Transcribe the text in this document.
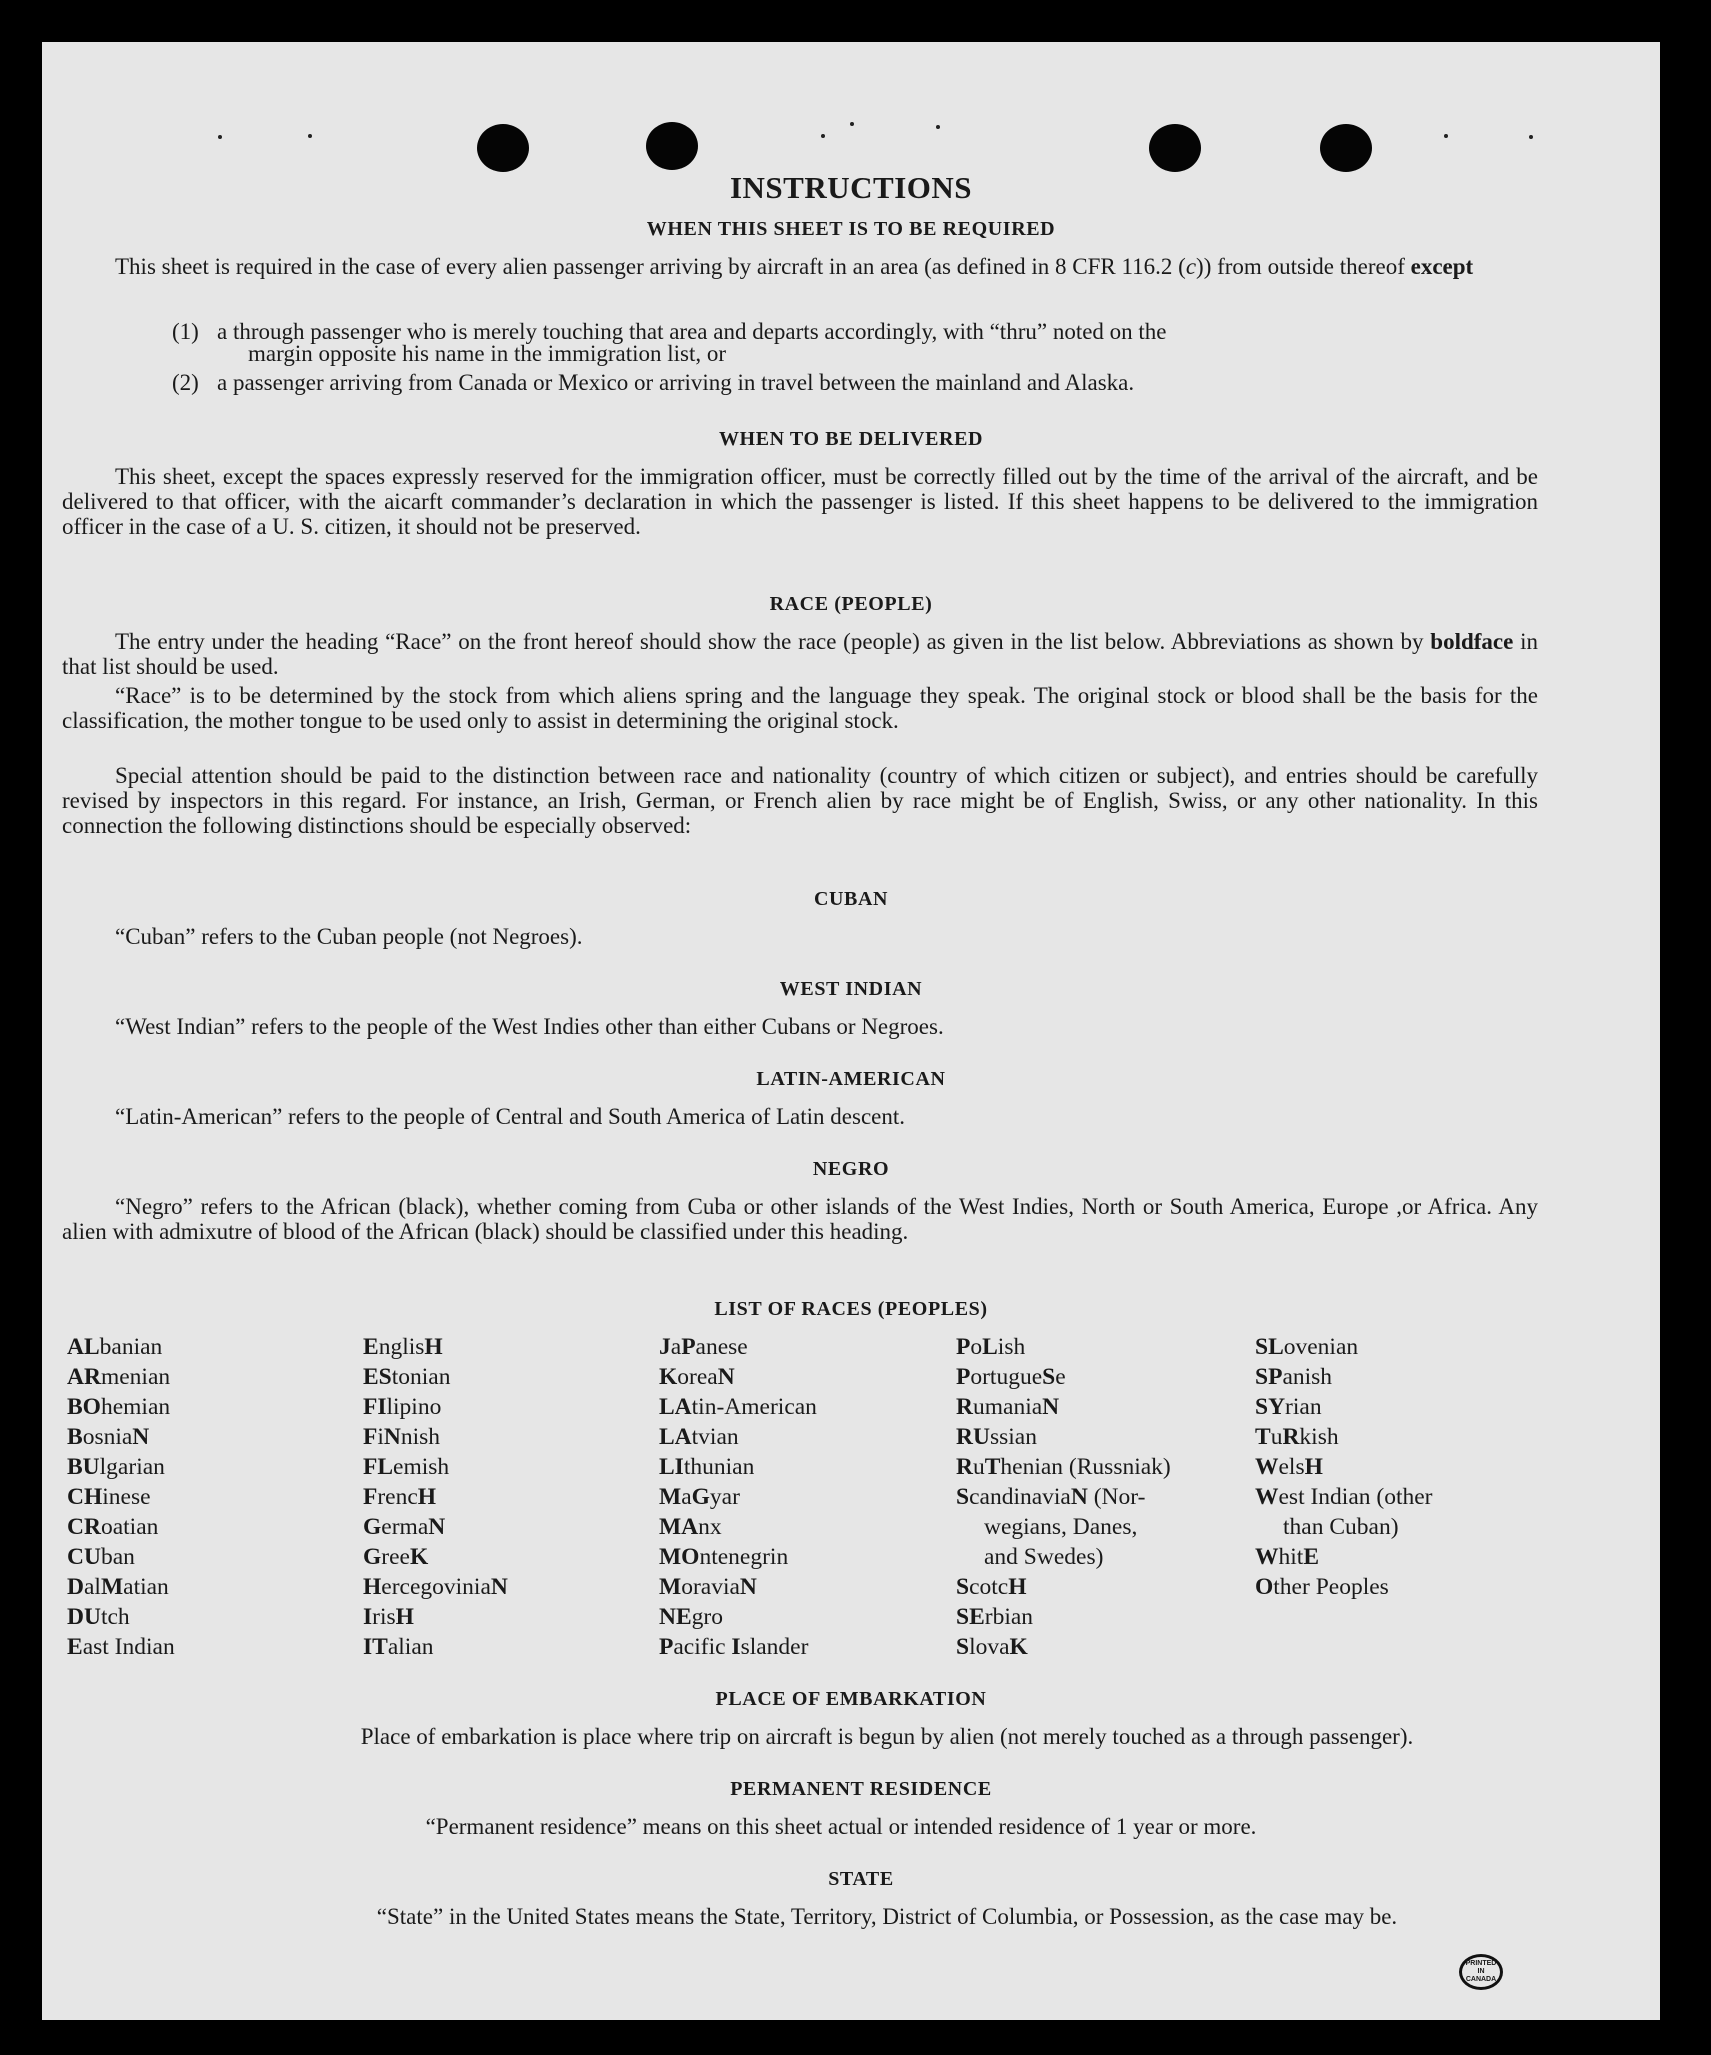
INSTRUCTIONS
WHEN THIS SHEET IS TO BE REQUIRED
This sheet is required in the case of every alien passenger arriving by aircraft in an area (as defined in 8 CFR 116.2 (c)) from outside thereof except
(1) a through passenger who is merely touching that area and departs accordingly, with “thru” noted on the
margin opposite his name in the immigration list, or
(2) a passenger arriving from Canada or Mexico or arriving in travel between the mainland and Alaska.
WHEN TO BE DELIVERED
This sheet, except the spaces expressly reserved for the immigration officer, must be correctly filled out by the time of the arrival of the aircraft, and be delivered to that officer, with the aicarft commander’s declaration in which the passenger is listed. If this sheet happens to be delivered to the immigration officer in the case of a U. S. citizen, it should not be preserved.
RACE (PEOPLE)
The entry under the heading “Race” on the front hereof should show the race (people) as given in the list below. Abbreviations as shown by boldface in that list should be used.
“Race” is to be determined by the stock from which aliens spring and the language they speak. The original stock or blood shall be the basis for the classification, the mother tongue to be used only to assist in determining the original stock.
Special attention should be paid to the distinction between race and nationality (country of which citizen or subject), and entries should be carefully revised by inspectors in this regard. For instance, an Irish, German, or French alien by race might be of English, Swiss, or any other nationality. In this connection the following distinctions should be especially observed:
CUBAN
“Cuban” refers to the Cuban people (not Negroes).
WEST INDIAN
“West Indian” refers to the people of the West Indies other than either Cubans or Negroes.
LATIN-AMERICAN
“Latin-American” refers to the people of Central and South America of Latin descent.
NEGRO
“Negro” refers to the African (black), whether coming from Cuba or other islands of the West Indies, North or South America, Europe ,or Africa. Any alien with admixutre of blood of the African (black) should be classified under this heading.
LIST OF RACES (PEOPLES)
ALbanian
ARmenian
BOhemian
BosniaN
BUlgarian
CHinese
CRoatian
CUban
DalMatian
DUtch
East Indian
EnglisH
EStonian
FIlipino
FiNnish
FLemish
FrencH
GermaN
GreeK
HercegoviniaN
IrisH
ITalian
JaPanese
KoreaN
LAtin-American
LAtvian
LIthunian
MaGyar
MAnx
MOntenegrin
MoraviaN
NEgro
Pacific Islander
PoLish
PortugueSe
RumaniaN
RUssian
RuThenian (Russniak)
ScandinaviaN (Nor-
wegians, Danes,
and Swedes)
ScotcH
SErbian
SlovaK
SLovenian
SPanish
SYrian
TuRkish
WelsH
West Indian (other
than Cuban)
WhitE
Other Peoples
PLACE OF EMBARKATION
Place of embarkation is place where trip on aircraft is begun by alien (not merely touched as a through passenger).
PERMANENT RESIDENCE
“Permanent residence” means on this sheet actual or intended residence of 1 year or more.
STATE
“State” in the United States means the State, Territory, District of Columbia, or Possession, as the case may be.
PRINTED
IN
CANADA
